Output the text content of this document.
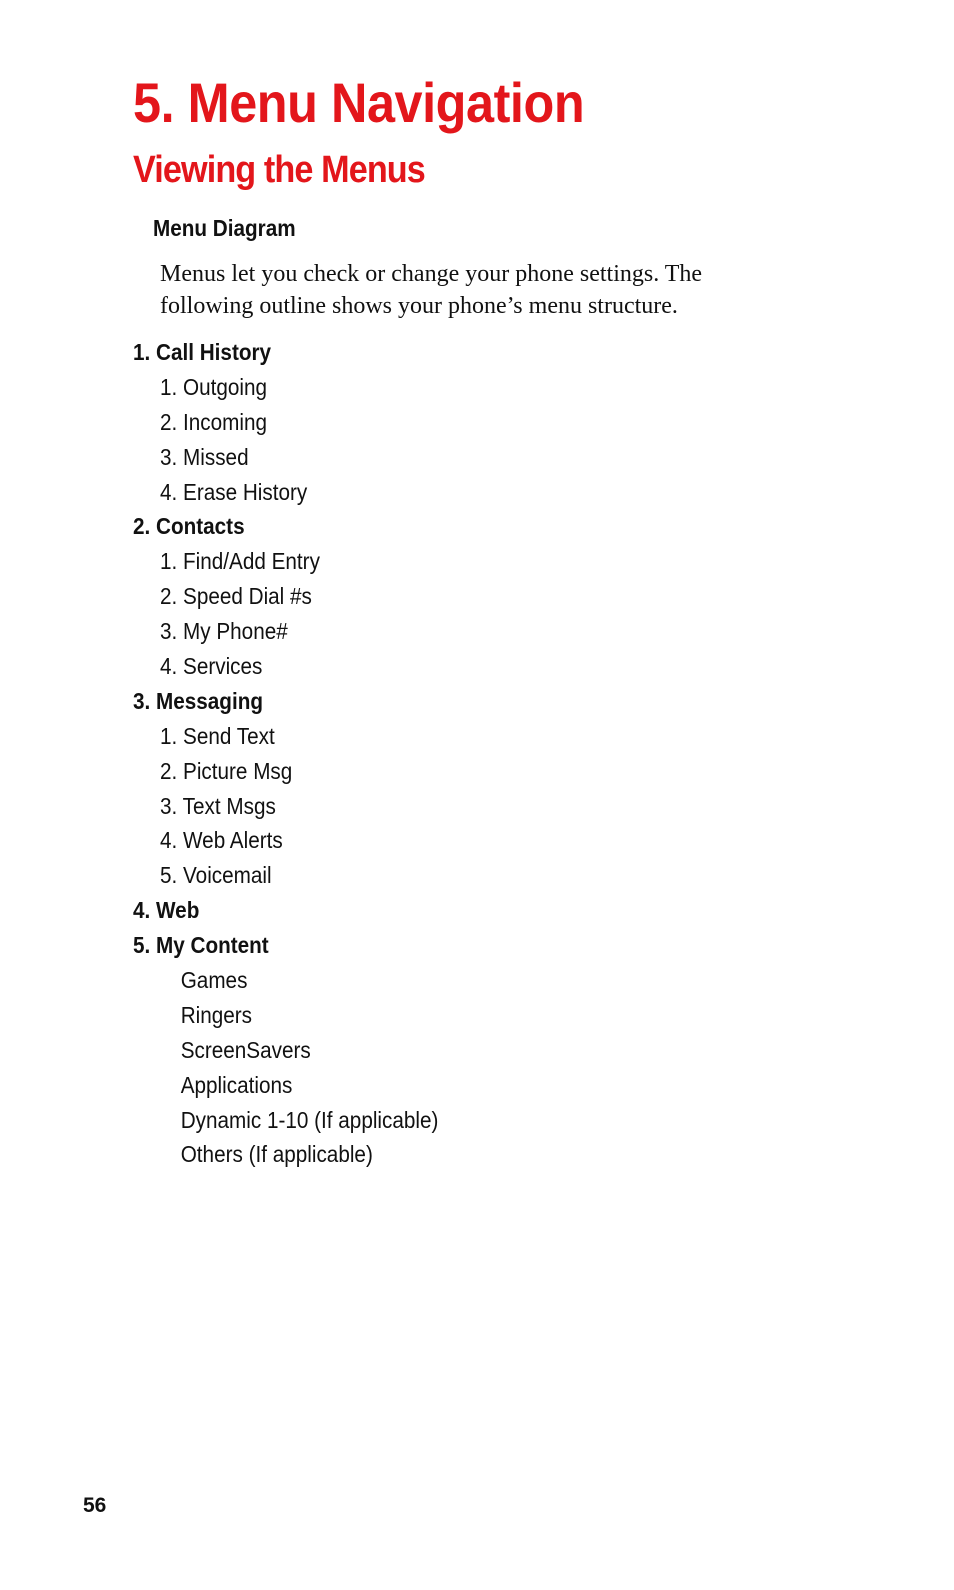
5. Menu Navigation
Viewing the Menus
Menu Diagram

Menus let you check or change your phone settings. The
following outline shows your phone’s menu structure.

1. Call History
1. Outgoing
2. Incoming
3. Missed
4. Erase History
2. Contacts
1. Find/Add Entry
2. Speed Dial #s
3. My Phone#
4. Services
3. Messaging
1. Send Text
2. Picture Msg
3. Text Msgs
4. Web Alerts
5. Voicemail
4. Web
5. My Content
Games
Ringers
ScreenSavers
Applications
Dynamic 1-10 (If applicable)
Others (If applicable)

56
